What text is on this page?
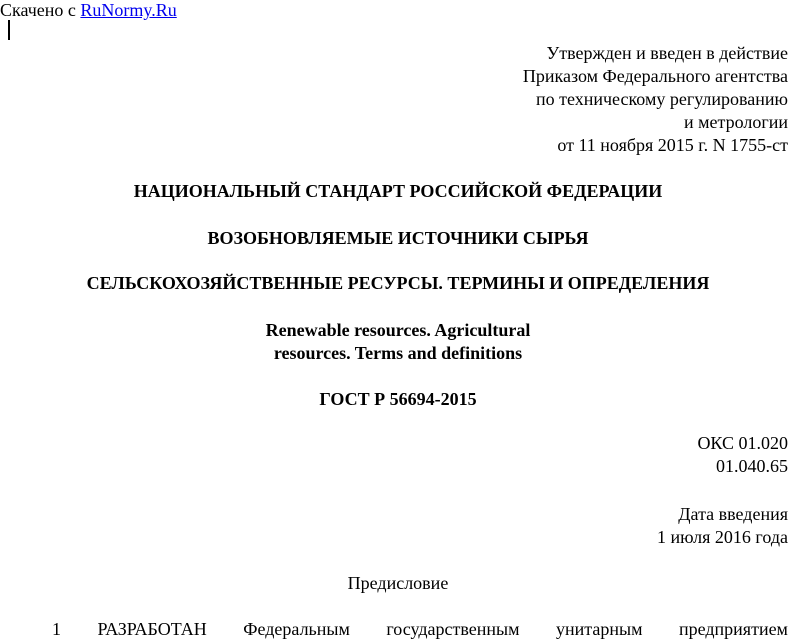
Скачено с RuNormy.Ru
Утвержден и введен в действие
Приказом Федерального агентства
по техническому регулированию
и метрологии
от 11 ноября 2015 г. N 1755-ст
НАЦИОНАЛЬНЫЙ СТАНДАРТ РОССИЙСКОЙ ФЕДЕРАЦИИ
ВОЗОБНОВЛЯЕМЫЕ ИСТОЧНИКИ СЫРЬЯ
СЕЛЬСКОХОЗЯЙСТВЕННЫЕ РЕСУРСЫ. ТЕРМИНЫ И ОПРЕДЕЛЕНИЯ
Renewable resources. Agricultural
resources. Terms and definitions
ГОСТ Р 56694-2015
ОКС 01.020
01.040.65
Дата введения
1 июля 2016 года
Предисловие
1 РАЗРАБОТАН Федеральным государственным унитарным предприятием
